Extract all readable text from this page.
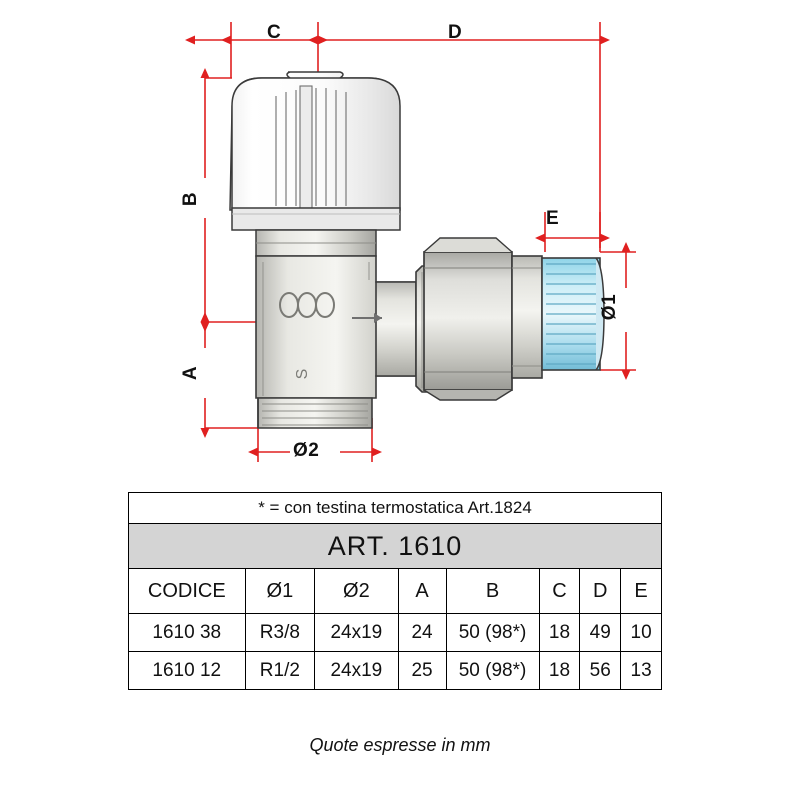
S
C	D
B
A
E
Ø1
Ø2
* = con testina termostatica Art.1824							
ART. 1610							
CODICE	Ø1	Ø2	A	B	C	D	E
1610 38	R3/8	24x19	24	50 (98*)	18	49	10
1610 12	R1/2	24x19	25	50 (98*)	18	56	13
Quote espresse in mm
